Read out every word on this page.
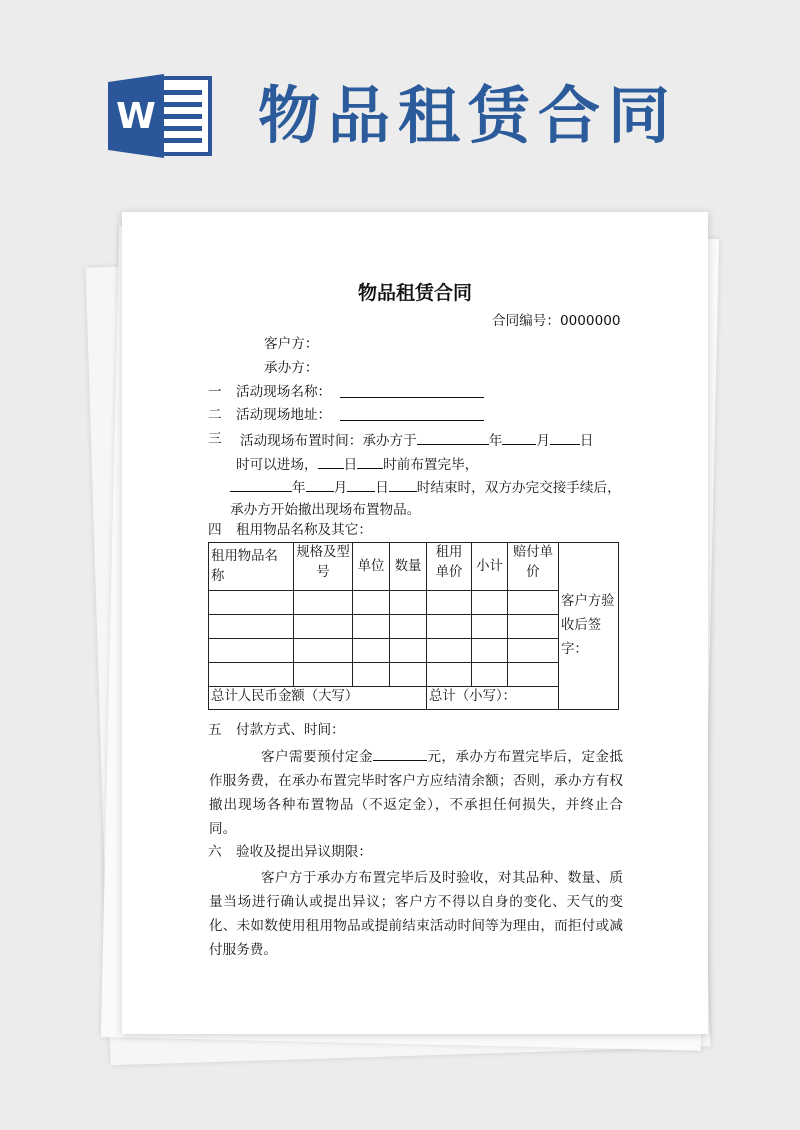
W 物品租赁合同
物品租赁合同
合同编号：0000000
客户方：
承办方：
一 活动现场名称：
二 活动现场地址：
三 活动现场布置时间：承办方于	年	月 日
时可以进场， 日 时前布置完毕，
年 月 日 时结束时，双方办完交接手续后，
承办方开始撤出现场布置物品。
四 租用物品名称及其它：
租用物品名称	规格及型号	单位	数量	租用单价	小计	赔付单价	客户方验收后签字：

总计人民币金额（大写）				总计（小写）：			
五 付款方式、时间：
客户需要预付定金	元，承办方布置完毕后，定金抵作服务费，在承办布置完毕时客户方应结清余额；否则，承办方有权撤出现场各种布置物品（不返定金），不承担任何损失，并终止合同。
六 验收及提出异议期限：
客户方于承办方布置完毕后及时验收，对其品种、数量、质量当场进行确认或提出异议；客户方不得以自身的变化、天气的变化、未如数使用租用物品或提前结束活动时间等为理由，而拒付或减付服务费。
